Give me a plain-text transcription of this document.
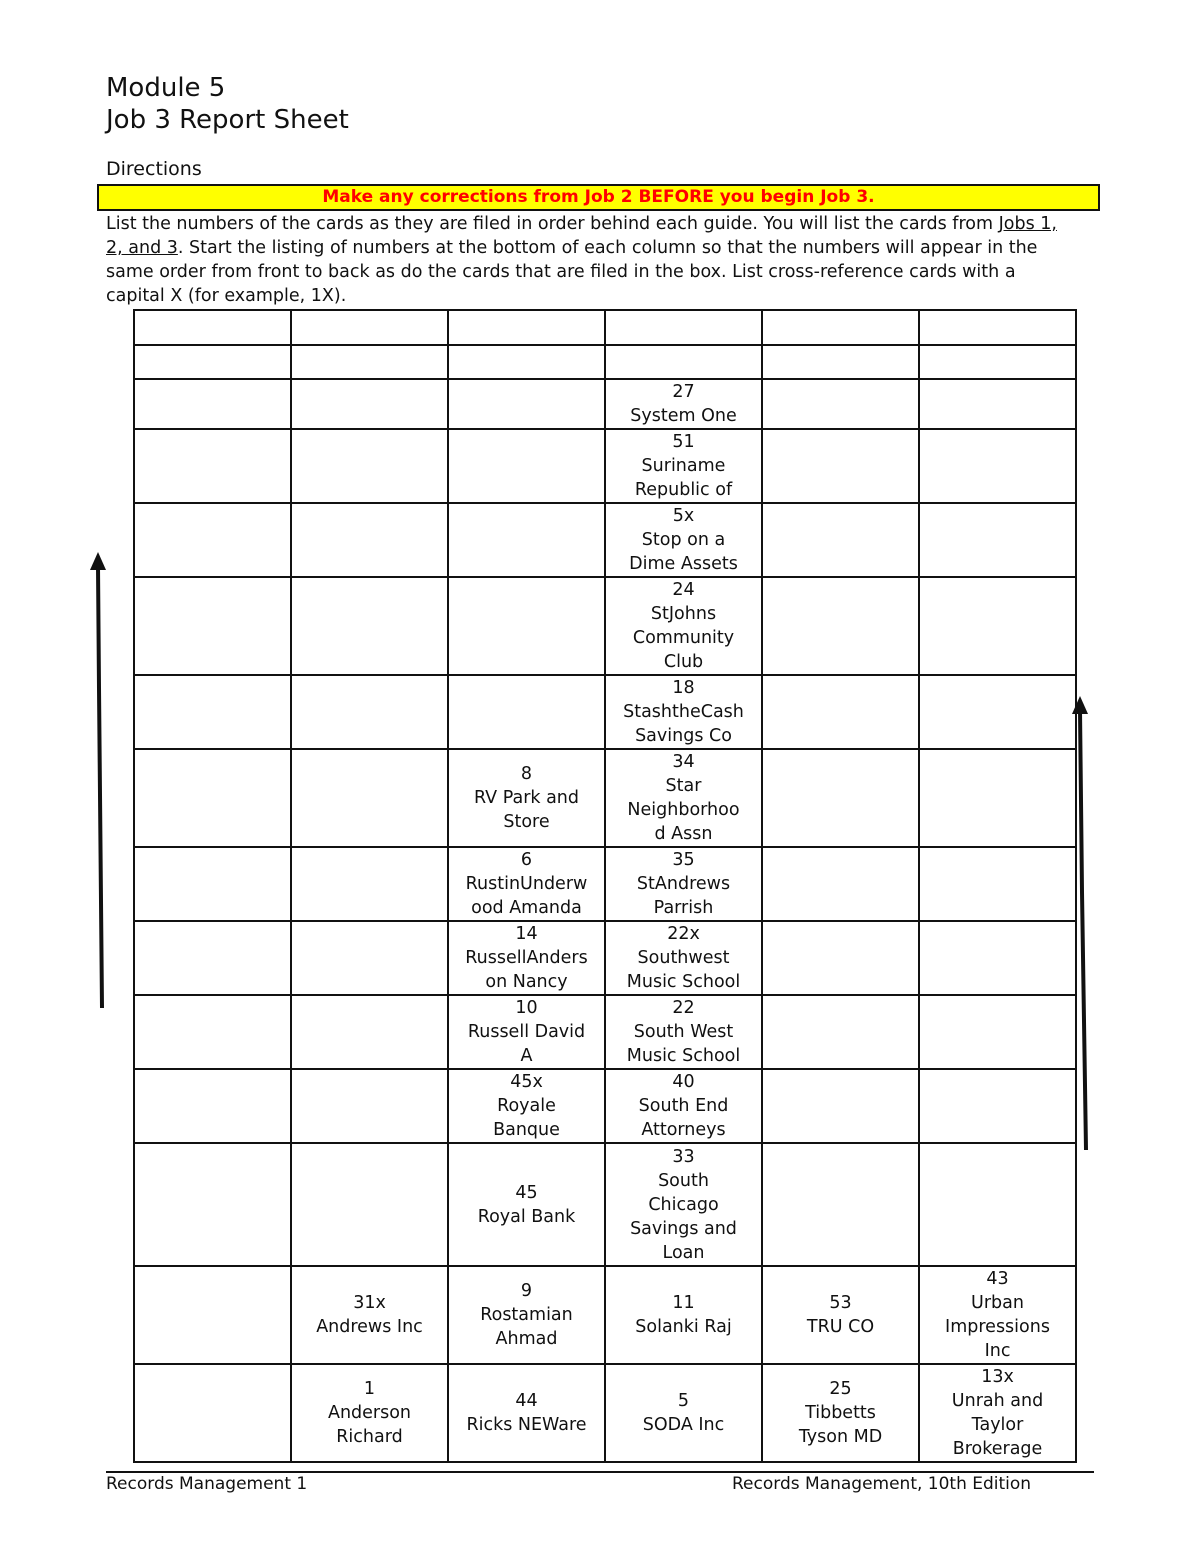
Module 5
Job 3 Report Sheet
Directions
Make any corrections from Job 2 BEFORE you begin Job 3.

List the numbers of the cards as they are filed in order behind each guide. You will list the cards from Jobs 1,
2, and 3. Start the listing of numbers at the bottom of each column so that the numbers will appear in the
same order from front to back as do the cards that are filed in the box. List cross-reference cards with a
capital X (for example, 1X).

			27
System One		

			51
Suriname
Republic of		

			5x
Stop on a
Dime Assets		

			24
StJohns
Community
Club		

			18
StashtheCash
Savings Co		

		8
RV Park and
Store	34
Star
Neighborhoo
d Assn		

		6
RustinUnderw
ood Amanda	35
StAndrews
Parrish		

		14
RussellAnders
on Nancy	22x
Southwest
Music School		

		10
Russell David
A	22
South West
Music School		

		45x
Royale
Banque	40
South End
Attorneys		

		45
Royal Bank	33
South
Chicago
Savings and
Loan		

	31x
Andrews Inc	9
Rostamian
Ahmad	11
Solanki Raj	53
TRU CO	43
Urban
Impressions
Inc

	1
Anderson
Richard	44
Ricks NEWare	5
SODA Inc	25
Tibbetts
Tyson MD	13x
Unrah and
Taylor
Brokerage
Records Management 1	Records Management, 10th Edition
